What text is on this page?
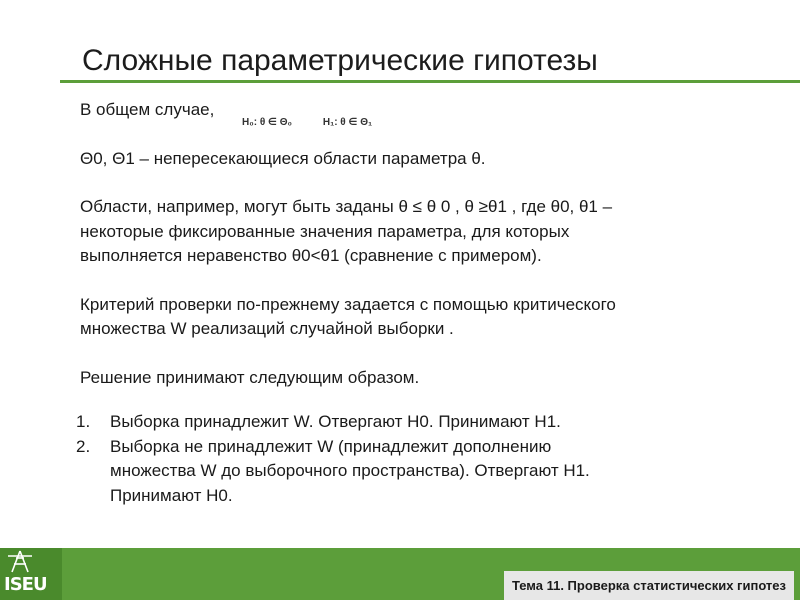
Сложные параметрические гипотезы
H₀: θ ∈ Θ₀	H₁: θ ∈ Θ₁

В общем случае,

Θ0, Θ1 – непересекающиеся области параметра θ.

Области, например, могут быть заданы θ ≤ θ 0 , θ ≥θ1 , где θ0, θ1 –

некоторые фиксированные значения параметра, для которых

выполняется неравенство θ0<θ1 (сравнение с примером).

Критерий проверки по-прежнему задается с помощью критического

множества W реализаций случайной выборки .

Решение принимают следующим образом.

1. Выборка принадлежит W. Отвергают H0. Принимают H1.
2. Выборка не принадлежит W (принадлежит дополнению
множества W до выборочного пространства). Отвергают H1.
Принимают H0.
ISEU	Тема 11. Проверка статистических гипотез
